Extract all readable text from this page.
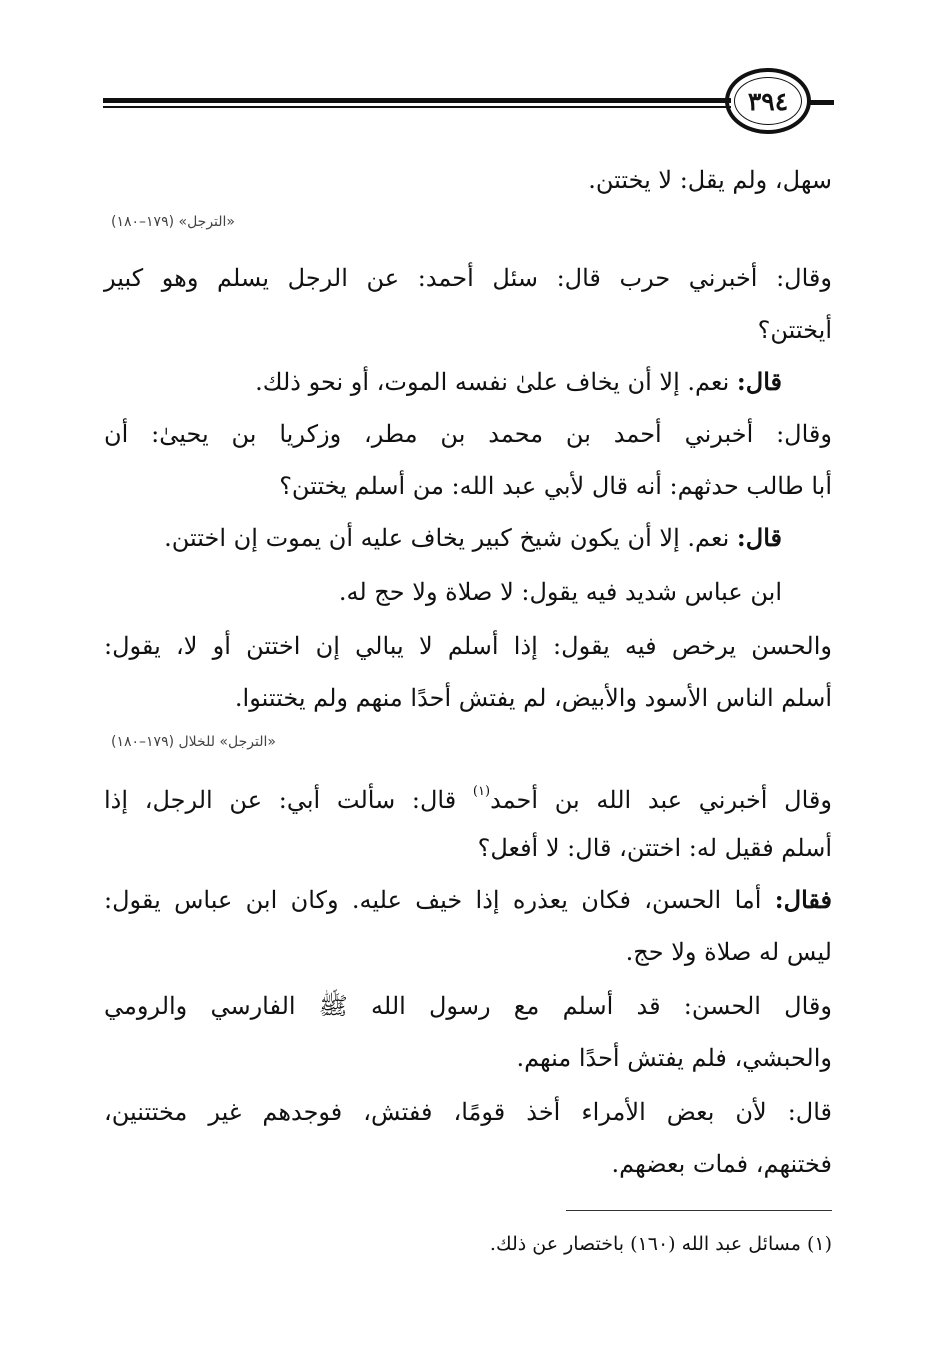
٣٩٤
سهل، ولم يقل: لا يختتن.
«الترجل» (١٧٩–١٨٠)
وقال: أخبرني حرب قال: سئل أحمد: عن الرجل يسلم وهو كبير
أيختتن؟
قال: نعم. إلا أن يخاف علىٰ نفسه الموت، أو نحو ذلك.
وقال: أخبرني أحمد بن محمد بن مطر، وزكريا بن يحيىٰ: أن
أبا طالب حدثهم: أنه قال لأبي عبد الله: من أسلم يختتن؟
قال: نعم. إلا أن يكون شيخ كبير يخاف عليه أن يموت إن اختتن.
ابن عباس شديد فيه يقول: لا صلاة ولا حج له.
والحسن يرخص فيه يقول: إذا أسلم لا يبالي إن اختتن أو لا، يقول:
أسلم الناس الأسود والأبيض، لم يفتش أحدًا منهم ولم يختتنوا.
«الترجل» للخلال (١٧٩–١٨٠)
وقال أخبرني عبد الله بن أحمد$^{(١)}$ قال: سألت أبي: عن الرجل، إذا
أسلم فقيل له: اختتن، قال: لا أفعل؟
فقال: أما الحسن، فكان يعذره إذا خيف عليه. وكان ابن عباس يقول:
ليس له صلاة ولا حج.
وقال الحسن: قد أسلم مع رسول الله ﷺ الفارسي والرومي
والحبشي، فلم يفتش أحدًا منهم.
قال: لأن بعض الأمراء أخذ قومًا، ففتش، فوجدهم غير مختتنين،
فختنهم، فمات بعضهم.
(١) مسائل عبد الله (١٦٠) باختصار عن ذلك.
